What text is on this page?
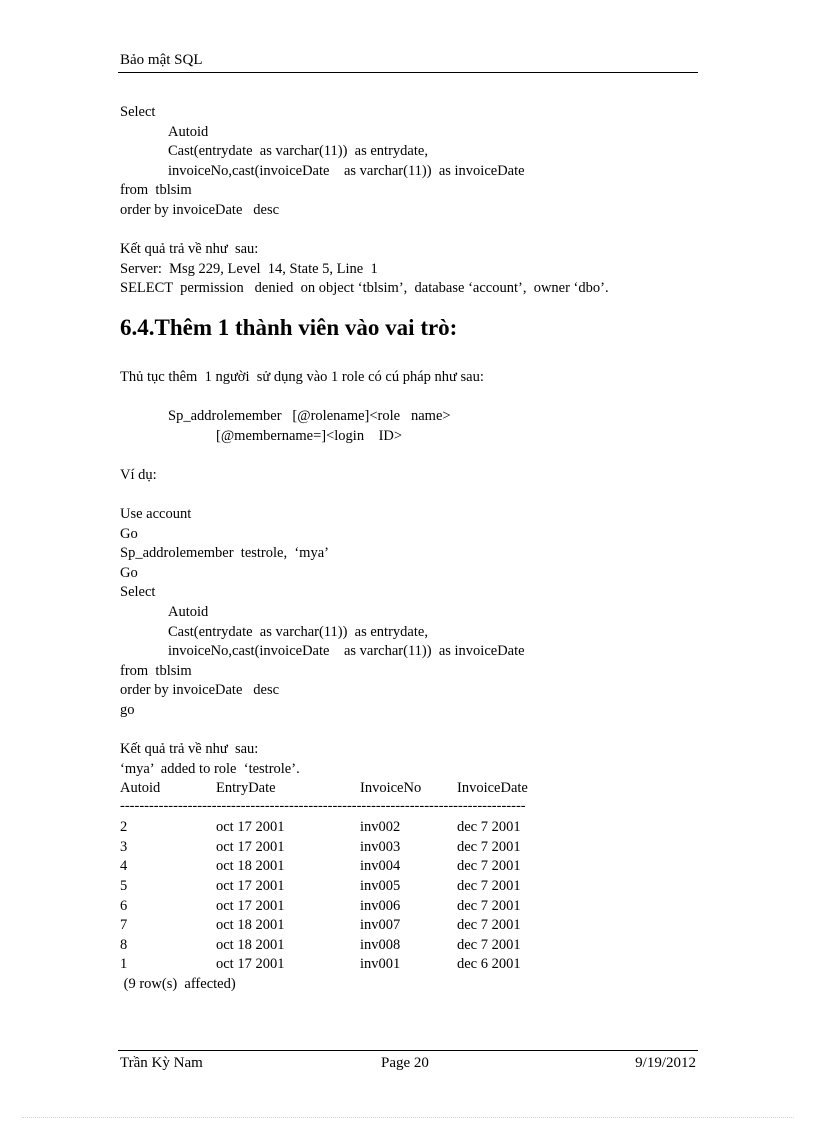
Bảo mật SQL
Select
Autoid
Cast(entrydate  as varchar(11))  as entrydate,
invoiceNo,cast(invoiceDate    as varchar(11))  as invoiceDate
from  tblsim
order by invoiceDate   desc
Kết quả trả về như  sau:
Server:  Msg 229, Level  14, State 5, Line  1
SELECT  permission   denied  on object ‘tblsim’,  database ‘account’,  owner ‘dbo’.
6.4.Thêm 1 thành viên vào vai trò:
Thủ tục thêm  1 người  sử dụng vào 1 role có cú pháp như sau:
Sp_addrolemember   [@rolename]<role   name>
[@membername=]<login    ID>
Ví dụ:
Use account
Go
Sp_addrolemember  testrole,  ‘mya’
Go
Select
Autoid
Cast(entrydate  as varchar(11))  as entrydate,
invoiceNo,cast(invoiceDate    as varchar(11))  as invoiceDate
from  tblsim
order by invoiceDate   desc
go
Kết quả trả về như  sau:
‘mya’  added to role  ‘testrole’.
Autoid	EntryDate	InvoiceNo InvoiceDate
------------------------------------------------------------------------------------
2	oct 17 2001	inv002	dec 7 2001
3	oct 17 2001	inv003	dec 7 2001
4	oct 18 2001	inv004	dec 7 2001
5	oct 17 2001	inv005	dec 7 2001
6	oct 17 2001	inv006	dec 7 2001
7	oct 18 2001	inv007	dec 7 2001
8	oct 18 2001	inv008	dec 7 2001
1	oct 17 2001	inv001	dec 6 2001
(9 row(s)  affected)
Trần Kỳ Nam	Page 20	9/19/2012
